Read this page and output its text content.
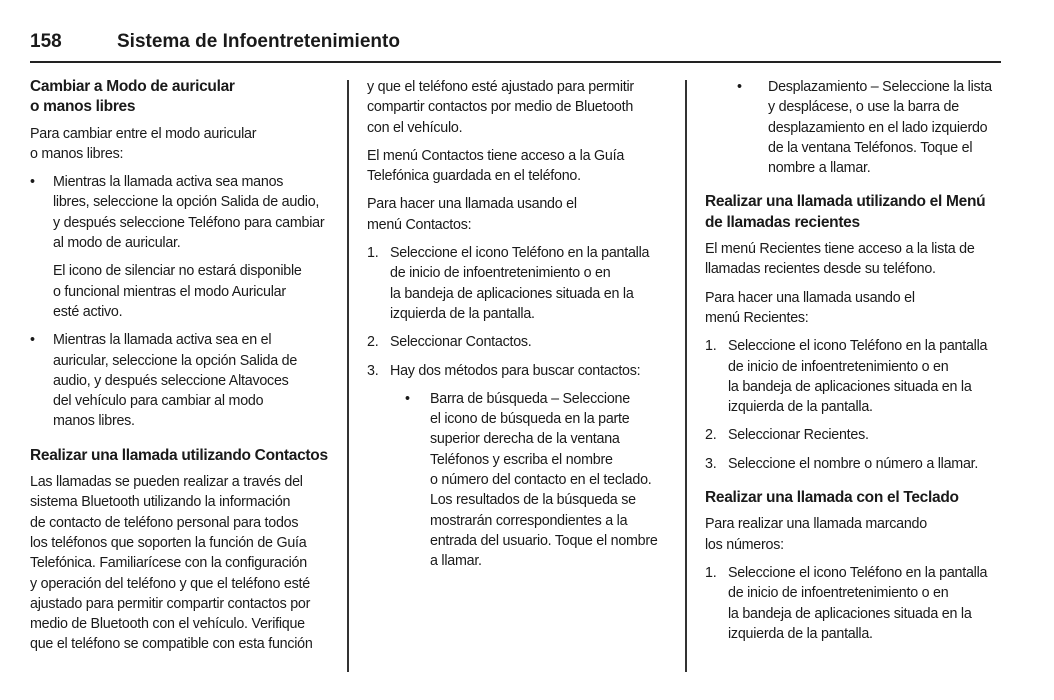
158	Sistema de Infoentretenimiento
Cambiar a Modo de auricular
o manos libres

Para cambiar entre el modo auricular
o manos libres:

• Mientras la llamada activa sea manos
libres, seleccione la opción Salida de audio,
y después seleccione Teléfono para cambiar
al modo de auricular.
El icono de silenciar no estará disponible
o funcional mientras el modo Auricular
esté activo.
• Mientras la llamada activa sea en el
auricular, seleccione la opción Salida de
audio, y después seleccione Altavoces
del vehículo para cambiar al modo
manos libres.
Realizar una llamada utilizando Contactos

Las llamadas se pueden realizar a través del
sistema Bluetooth utilizando la información
de contacto de teléfono personal para todos
los teléfonos que soporten la función de Guía
Telefónica. Familiarícese con la configuración
y operación del teléfono y que el teléfono esté
ajustado para permitir compartir contactos por
medio de Bluetooth con el vehículo. Verifique
que el teléfono se compatible con esta función

y que el teléfono esté ajustado para permitir
compartir contactos por medio de Bluetooth
con el vehículo.

El menú Contactos tiene acceso a la Guía
Telefónica guardada en el teléfono.

Para hacer una llamada usando el
menú Contactos:

1. Seleccione el icono Teléfono en la pantalla
de inicio de infoentretenimiento o en
la bandeja de aplicaciones situada en la
izquierda de la pantalla.
2. Seleccionar Contactos.
3. Hay dos métodos para buscar contactos:
• Barra de búsqueda – Seleccione
el icono de búsqueda en la parte
superior derecha de la ventana
Teléfonos y escriba el nombre
o número del contacto en el teclado.
Los resultados de la búsqueda se
mostrarán correspondientes a la
entrada del usuario. Toque el nombre
a llamar.
• Desplazamiento – Seleccione la lista
y desplácese, o use la barra de
desplazamiento en el lado izquierdo
de la ventana Teléfonos. Toque el
nombre a llamar.
Realizar una llamada utilizando el Menú
de llamadas recientes

El menú Recientes tiene acceso a la lista de
llamadas recientes desde su teléfono.

Para hacer una llamada usando el
menú Recientes:

1. Seleccione el icono Teléfono en la pantalla
de inicio de infoentretenimiento o en
la bandeja de aplicaciones situada en la
izquierda de la pantalla.
2. Seleccionar Recientes.
3. Seleccione el nombre o número a llamar.
Realizar una llamada con el Teclado

Para realizar una llamada marcando
los números:

1. Seleccione el icono Teléfono en la pantalla
de inicio de infoentretenimiento o en
la bandeja de aplicaciones situada en la
izquierda de la pantalla.
